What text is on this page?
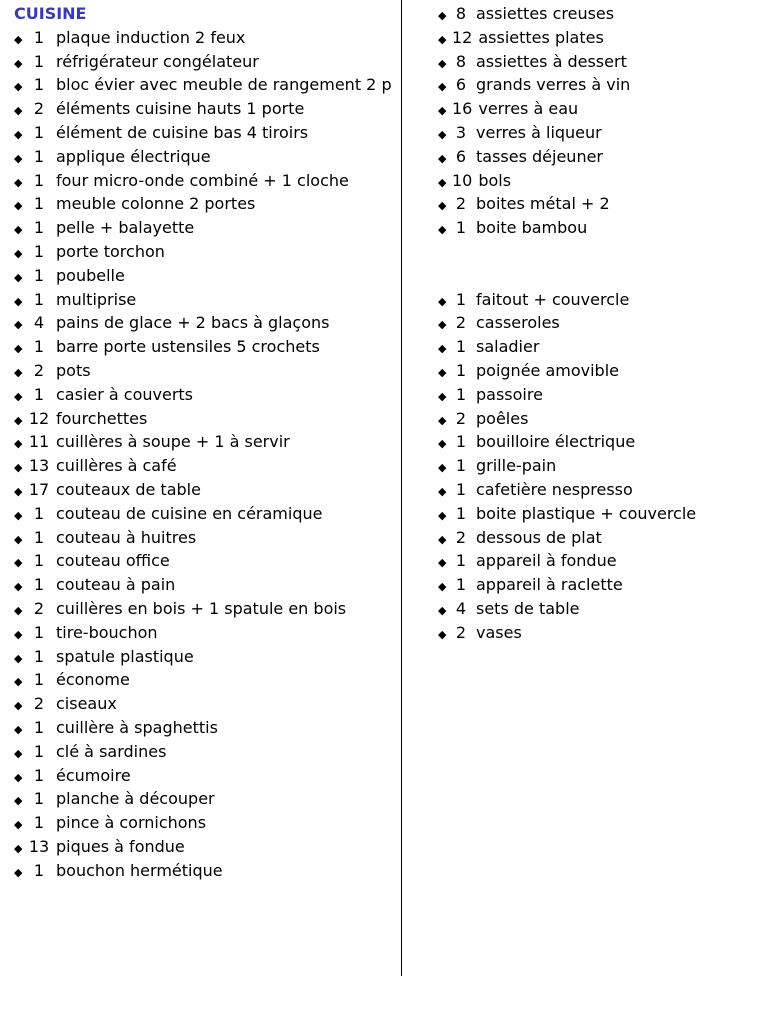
CUISINE
◆ 1 plaque induction 2 feux
◆ 1 réfrigérateur congélateur
◆ 1 bloc évier avec meuble de rangement 2 p
◆ 2 éléments cuisine hauts 1 porte
◆ 1 élément de cuisine bas 4 tiroirs
◆ 1 applique électrique
◆ 1 four micro-onde combiné + 1 cloche
◆ 1 meuble colonne 2 portes
◆ 1 pelle + balayette
◆ 1 porte torchon
◆ 1 poubelle
◆ 1 multiprise
◆ 4 pains de glace + 2 bacs à glaçons
◆ 1 barre porte ustensiles 5 crochets
◆ 2 pots
◆ 1 casier à couverts
◆ 12 fourchettes
◆ 11 cuillères à soupe + 1 à servir
◆ 13 cuillères à café
◆ 17 couteaux de table
◆ 1 couteau de cuisine en céramique
◆ 1 couteau à huitres
◆ 1 couteau office
◆ 1 couteau à pain
◆ 2 cuillères en bois + 1 spatule en bois
◆ 1 tire-bouchon
◆ 1 spatule plastique
◆ 1 économe
◆ 2 ciseaux
◆ 1 cuillère à spaghettis
◆ 1 clé à sardines
◆ 1 écumoire
◆ 1 planche à découper
◆ 1 pince à cornichons
◆ 13 piques à fondue
◆ 1 bouchon hermétique
◆ 8 assiettes creuses
◆ 12 assiettes plates
◆ 8 assiettes à dessert
◆ 6 grands verres à vin
◆ 16 verres à eau
◆ 3 verres à liqueur
◆ 6 tasses déjeuner
◆ 10 bols
◆ 2 boites métal + 2
◆ 1 boite bambou
◆ 1 faitout + couvercle
◆ 2 casseroles
◆ 1 saladier
◆ 1 poignée amovible
◆ 1 passoire
◆ 2 poêles
◆ 1 bouilloire électrique
◆ 1 grille-pain
◆ 1 cafetière nespresso
◆ 1 boite plastique + couvercle
◆ 2 dessous de plat
◆ 1 appareil à fondue
◆ 1 appareil à raclette
◆ 4 sets de table
◆ 2 vases
